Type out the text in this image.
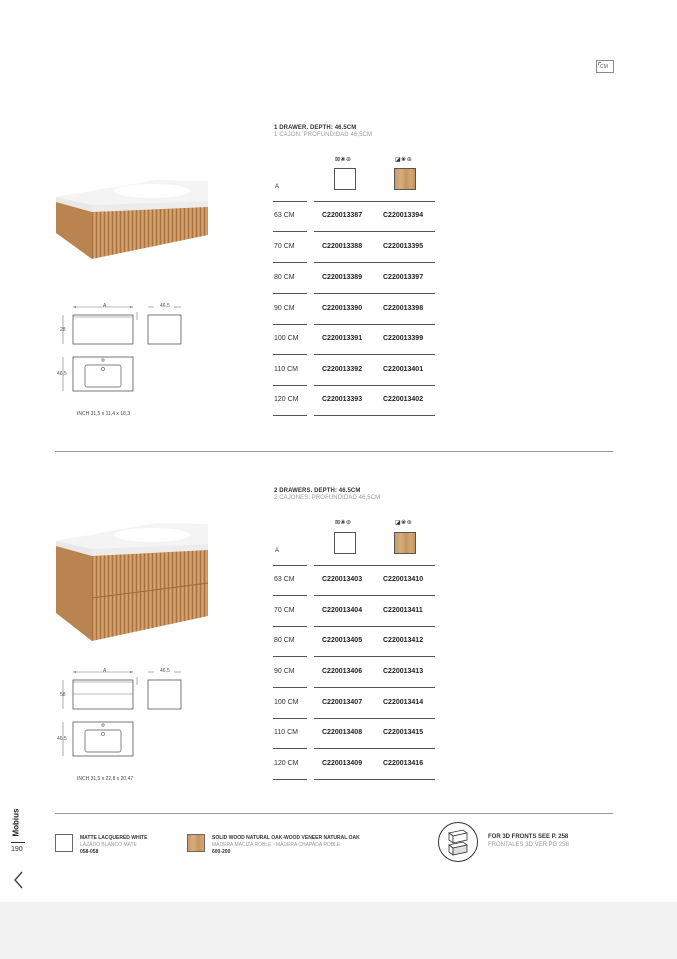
CM
A	46,5
28
46,5
INCH 31,5 x 11,4 x 18,3
1 DRAWER. DEPTH: 46.5CM
1 CAJÓN. PROFUNDIDAD 46,5CM
⊠❀⊛	◪❀⊛
A
63 CM	C220013387	C220013394
70 CM	C220013388	C220013395
80 CM	C220013389	C220013397
90 CM	C220013390	C220013398
100 CM	C220013391	C220013399
110 CM	C220013392	C220013401
120 CM	C220013393	C220013402
A	46,5
58
46,5
INCH 31,5 x 22,8 x 20,47
2 DRAWERS. DEPTH: 46.5CM
2 CAJONES. PROFUNDIDAD 46,5CM
⊠❀⊛	◪❀⊛
A
63 CM	C220013403	C220013410
70 CM	C220013404	C220013411
80 CM	C220013405	C220013412
90 CM	C220013406	C220013413
100 CM	C220013407	C220013414
110 CM	C220013408	C220013415
120 CM	C220013409	C220013416
MATTE LACQUERED WHITE
LAZADO BLANCO MATE
058-058
SOLID WOOD NATURAL OAK-WOOD VENEER NATURAL OAK
MADERA MACIZA ROBLE - MADERA CHAPADA ROBLE
600-200
FOR 3D FRONTS SEE P. 258
FRONTALES 3D VER PG 258
Mobius
190
